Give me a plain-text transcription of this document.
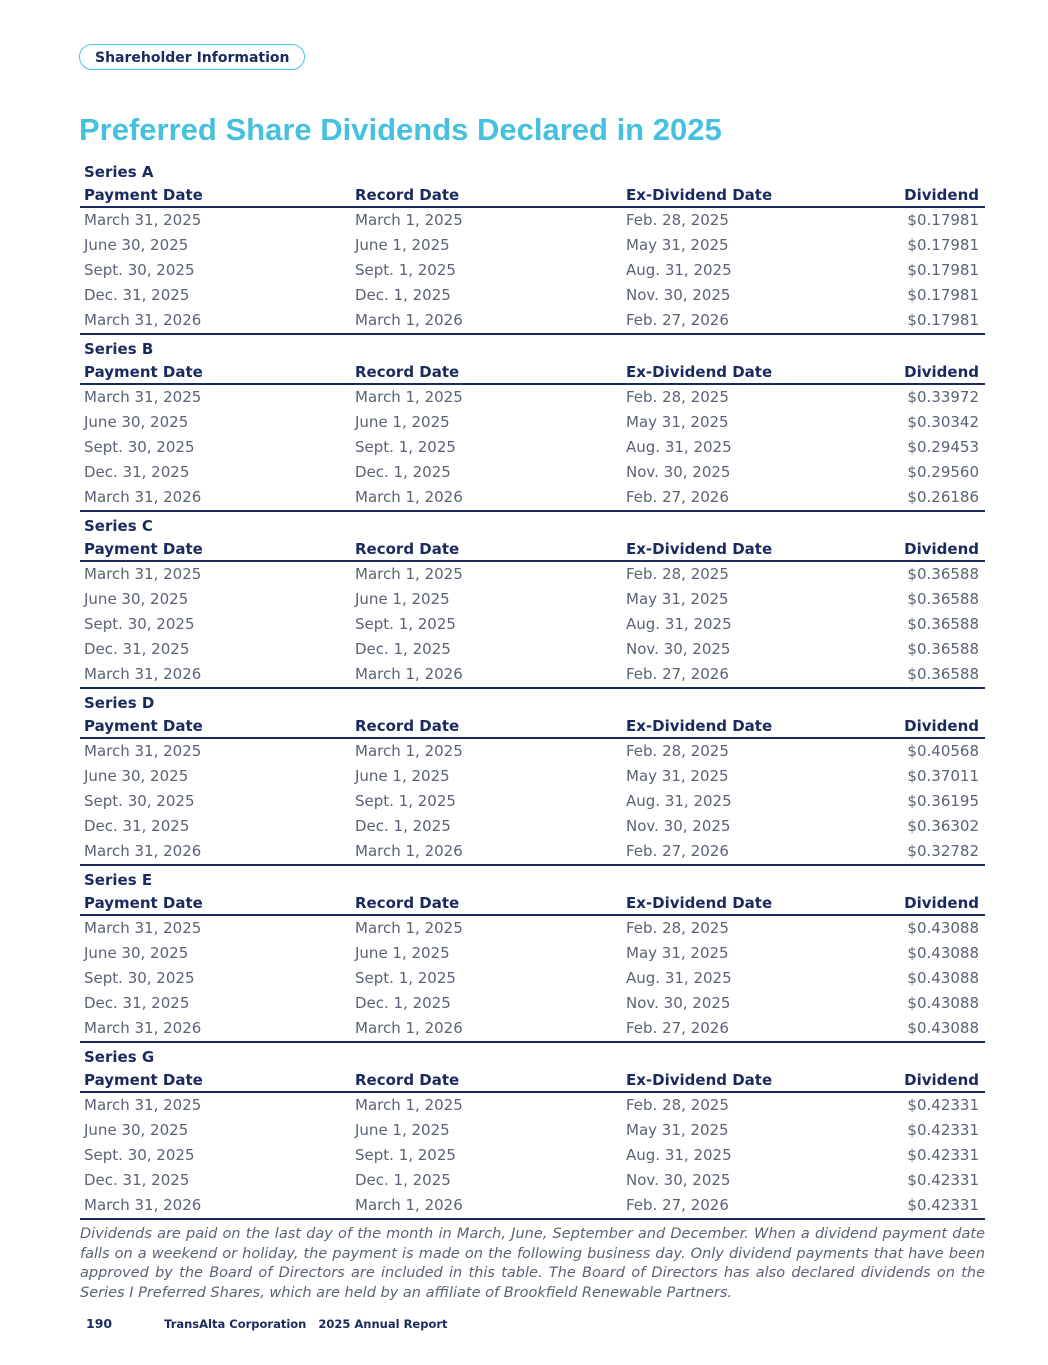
Shareholder Information
Preferred Share Dividends Declared in 2025
Series A
Payment Date	Record Date	Ex-Dividend Date	Dividend
March 31, 2025	March 1, 2025	Feb. 28, 2025	$0.17981
June 30, 2025	June 1, 2025	May 31, 2025	$0.17981
Sept. 30, 2025	Sept. 1, 2025	Aug. 31, 2025	$0.17981
Dec. 31, 2025	Dec. 1, 2025	Nov. 30, 2025	$0.17981
March 31, 2026	March 1, 2026	Feb. 27, 2026	$0.17981
Series B
Payment Date	Record Date	Ex-Dividend Date	Dividend
March 31, 2025	March 1, 2025	Feb. 28, 2025	$0.33972
June 30, 2025	June 1, 2025	May 31, 2025	$0.30342
Sept. 30, 2025	Sept. 1, 2025	Aug. 31, 2025	$0.29453
Dec. 31, 2025	Dec. 1, 2025	Nov. 30, 2025	$0.29560
March 31, 2026	March 1, 2026	Feb. 27, 2026	$0.26186
Series C
Payment Date	Record Date	Ex-Dividend Date	Dividend
March 31, 2025	March 1, 2025	Feb. 28, 2025	$0.36588
June 30, 2025	June 1, 2025	May 31, 2025	$0.36588
Sept. 30, 2025	Sept. 1, 2025	Aug. 31, 2025	$0.36588
Dec. 31, 2025	Dec. 1, 2025	Nov. 30, 2025	$0.36588
March 31, 2026	March 1, 2026	Feb. 27, 2026	$0.36588
Series D
Payment Date	Record Date	Ex-Dividend Date	Dividend
March 31, 2025	March 1, 2025	Feb. 28, 2025	$0.40568
June 30, 2025	June 1, 2025	May 31, 2025	$0.37011
Sept. 30, 2025	Sept. 1, 2025	Aug. 31, 2025	$0.36195
Dec. 31, 2025	Dec. 1, 2025	Nov. 30, 2025	$0.36302
March 31, 2026	March 1, 2026	Feb. 27, 2026	$0.32782
Series E
Payment Date	Record Date	Ex-Dividend Date	Dividend
March 31, 2025	March 1, 2025	Feb. 28, 2025	$0.43088
June 30, 2025	June 1, 2025	May 31, 2025	$0.43088
Sept. 30, 2025	Sept. 1, 2025	Aug. 31, 2025	$0.43088
Dec. 31, 2025	Dec. 1, 2025	Nov. 30, 2025	$0.43088
March 31, 2026	March 1, 2026	Feb. 27, 2026	$0.43088
Series G
Payment Date	Record Date	Ex-Dividend Date	Dividend
March 31, 2025	March 1, 2025	Feb. 28, 2025	$0.42331
June 30, 2025	June 1, 2025	May 31, 2025	$0.42331
Sept. 30, 2025	Sept. 1, 2025	Aug. 31, 2025	$0.42331
Dec. 31, 2025	Dec. 1, 2025	Nov. 30, 2025	$0.42331
March 31, 2026	March 1, 2026	Feb. 27, 2026	$0.42331

Dividends are paid on the last day of the month in March, June, September and December. When a dividend payment date falls on a weekend or holiday, the payment is made on the following business day. Only dividend payments that have been approved by the Board of Directors are included in this table. The Board of Directors has also declared dividends on the Series I Preferred Shares, which are held by an affiliate of Brookfield Renewable Partners.

190	TransAlta Corporation 2025 Annual Report
